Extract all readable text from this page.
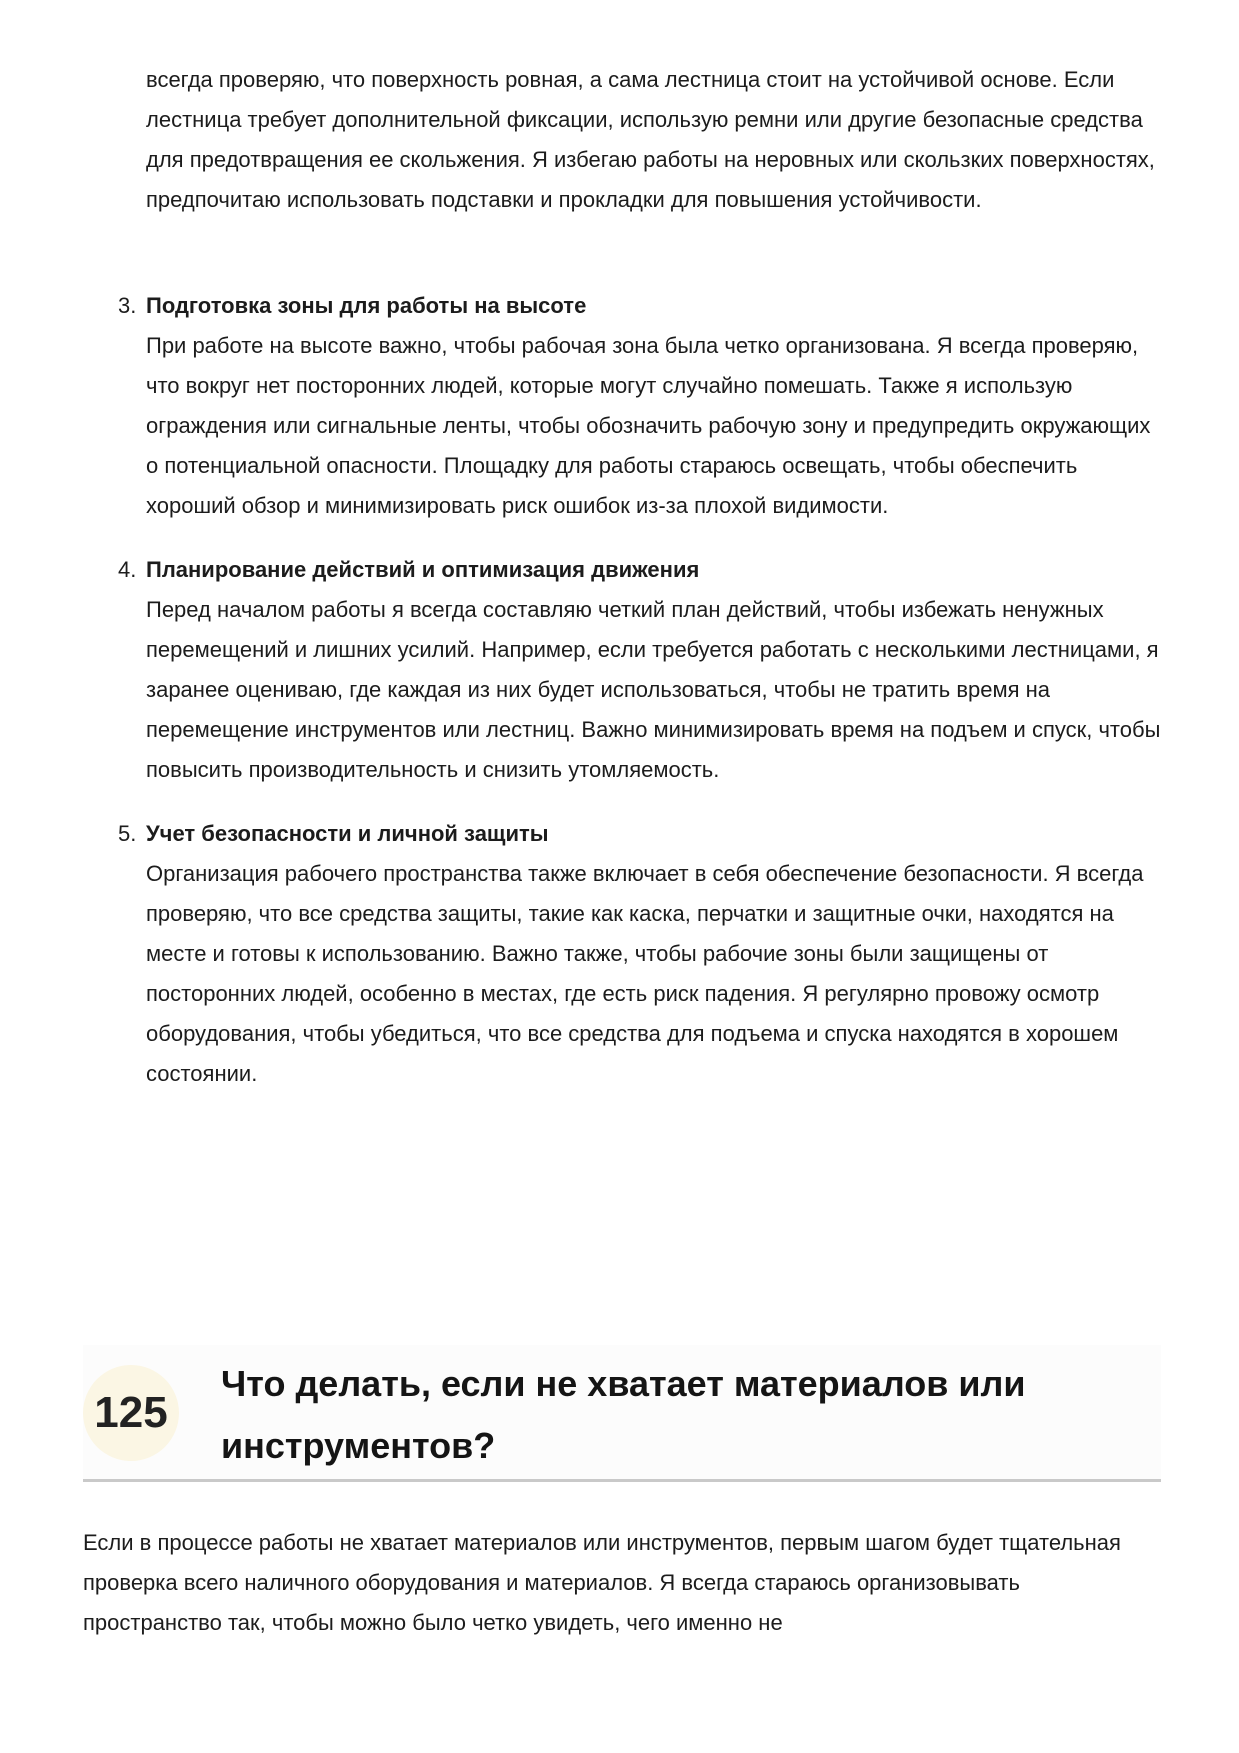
всегда проверяю, что поверхность ровная, а сама лестница стоит на устойчивой основе. Если лестница требует дополнительной фиксации, использую ремни или другие безопасные средства для предотвращения ее скольжения. Я избегаю работы на неровных или скользких поверхностях, предпочитаю использовать подставки и прокладки для повышения устойчивости.

3. Подготовка зоны для работы на высоте
При работе на высоте важно, чтобы рабочая зона была четко организована. Я всегда проверяю, что вокруг нет посторонних людей, которые могут случайно помешать. Также я использую ограждения или сигнальные ленты, чтобы обозначить рабочую зону и предупредить окружающих о потенциальной опасности. Площадку для работы стараюсь освещать, чтобы обеспечить хороший обзор и минимизировать риск ошибок из-за плохой видимости.
4. Планирование действий и оптимизация движения
Перед началом работы я всегда составляю четкий план действий, чтобы избежать ненужных перемещений и лишних усилий. Например, если требуется работать с несколькими лестницами, я заранее оцениваю, где каждая из них будет использоваться, чтобы не тратить время на перемещение инструментов или лестниц. Важно минимизировать время на подъем и спуск, чтобы повысить производительность и снизить утомляемость.
5. Учет безопасности и личной защиты
Организация рабочего пространства также включает в себя обеспечение безопасности. Я всегда проверяю, что все средства защиты, такие как каска, перчатки и защитные очки, находятся на месте и готовы к использованию. Важно также, чтобы рабочие зоны были защищены от посторонних людей, особенно в местах, где есть риск падения. Я регулярно провожу осмотр оборудования, чтобы убедиться, что все средства для подъема и спуска находятся в хорошем состоянии.
125
Что делать, если не хватает материалов или инструментов?

Если в процессе работы не хватает материалов или инструментов, первым шагом будет тщательная проверка всего наличного оборудования и материалов. Я всегда стараюсь организовывать пространство так, чтобы можно было четко увидеть, чего именно не
